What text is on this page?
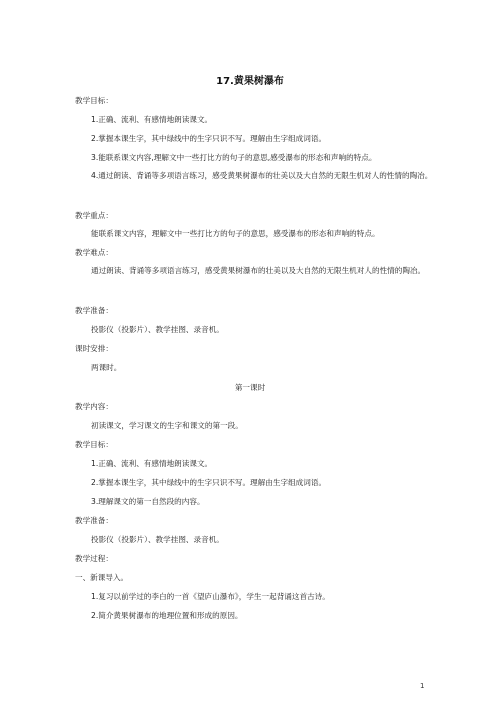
17.黄果树瀑布
教学目标：
1.正确、流利、有感情地朗读课文。
2.掌握本课生字，其中绿线中的生字只识不写。理解由生字组成词语。
3.能联系课文内容,理解文中一些打比方的句子的意思,感受瀑布的形态和声响的特点。
4.通过朗读、背诵等多项语言练习，感受黄果树瀑布的壮美以及大自然的无限生机对人的性情的陶冶。
教学重点：
能联系课文内容，理解文中一些打比方的句子的意思，感受瀑布的形态和声响的特点。
教学难点：
通过朗读、背诵等多项语言练习，感受黄果树瀑布的壮美以及大自然的无限生机对人的性情的陶冶。
教学准备：
投影仪（投影片）、教学挂图、录音机。
课时安排：
两课时。
第一课时
教学内容：
初读课文，学习课文的生字和课文的第一段。
教学目标：
1.正确、流利、有感情地朗读课文。
2.掌握本课生字，其中绿线中的生字只识不写。理解由生字组成词语。
3.理解课文的第一自然段的内容。
教学准备：
投影仪（投影片）、教学挂图、录音机。
教学过程：
一、新课导入。
1.复习以前学过的李白的一首《望庐山瀑布》，学生一起背诵这首古诗。
2.简介黄果树瀑布的地理位置和形成的原因。
1
